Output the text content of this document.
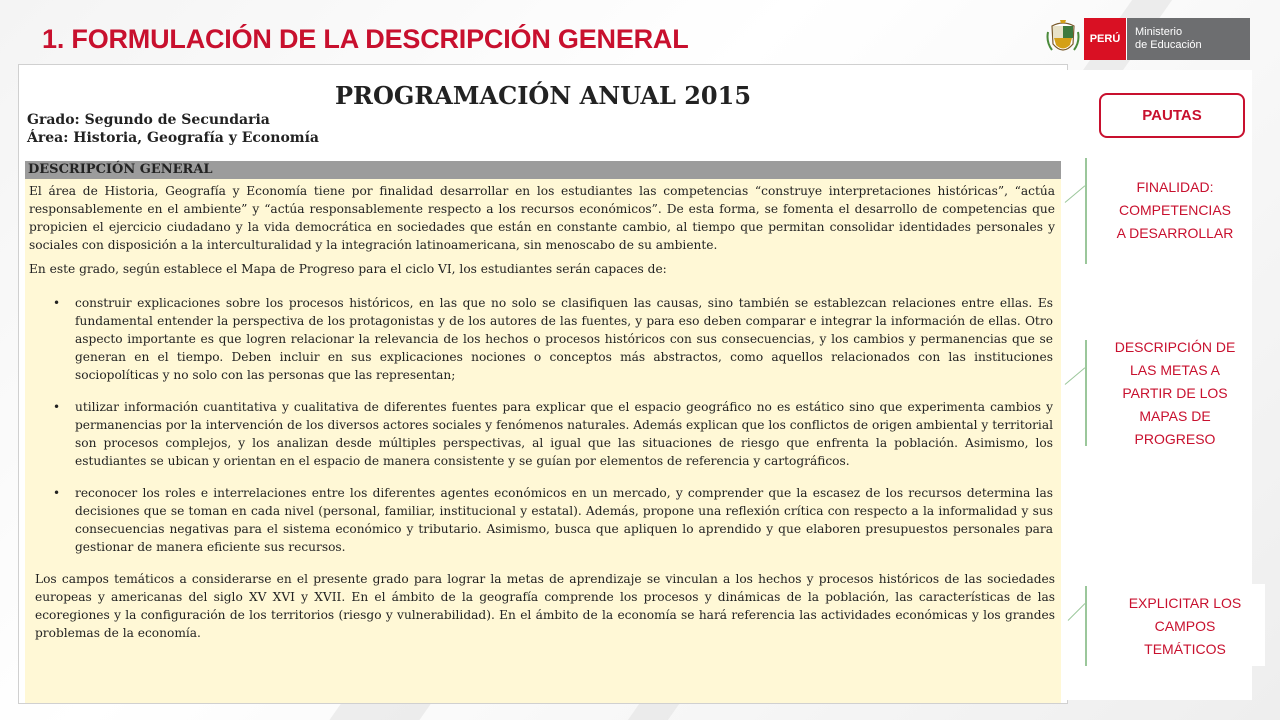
1. FORMULACIÓN DE LA DESCRIPCIÓN GENERAL	PERÚ
Ministerio
de Educación
PROGRAMACIÓN ANUAL 2015
Grado: Segundo de Secundaria
Área: Historia, Geografía y Economía
DESCRIPCIÓN GENERAL

El área de Historia, Geografía y Economía tiene por finalidad desarrollar en los estudiantes las competencias “construye interpretaciones históricas”, “actúa responsablemente en el ambiente” y “actúa responsablemente respecto a los recursos económicos”. De esta forma, se fomenta el desarrollo de competencias que propicien el ejercicio ciudadano y la vida democrática en sociedades que están en constante cambio, al tiempo que permitan consolidar identidades personales y sociales con disposición a la interculturalidad y la integración latinoamericana, sin menoscabo de su ambiente.

En este grado, según establece el Mapa de Progreso para el ciclo VI, los estudiantes serán capaces de:

• construir explicaciones sobre los procesos históricos, en las que no solo se clasifiquen las causas, sino también se establezcan relaciones entre ellas. Es fundamental entender la perspectiva de los protagonistas y de los autores de las fuentes, y para eso deben comparar e integrar la información de ellas. Otro aspecto importante es que logren relacionar la relevancia de los hechos o procesos históricos con sus consecuencias, y los cambios y permanencias que se generan en el tiempo. Deben incluir en sus explicaciones nociones o conceptos más abstractos, como aquellos relacionados con las instituciones sociopolíticas y no solo con las personas que las representan;
• utilizar información cuantitativa y cualitativa de diferentes fuentes para explicar que el espacio geográfico no es estático sino que experimenta cambios y permanencias por la intervención de los diversos actores sociales y fenómenos naturales. Además explican que los conflictos de origen ambiental y territorial son procesos complejos, y los analizan desde múltiples perspectivas, al igual que las situaciones de riesgo que enfrenta la población. Asimismo, los estudiantes se ubican y orientan en el espacio de manera consistente y se guían por elementos de referencia y cartográficos.
• reconocer los roles e interrelaciones entre los diferentes agentes económicos en un mercado, y comprender que la escasez de los recursos determina las decisiones que se toman en cada nivel (personal, familiar, institucional y estatal). Además, propone una reflexión crítica con respecto a la informalidad y sus consecuencias negativas para el sistema económico y tributario. Asimismo, busca que apliquen lo aprendido y que elaboren presupuestos personales para gestionar de manera eficiente sus recursos.

Los campos temáticos a considerarse en el presente grado para lograr la metas de aprendizaje se vinculan a los hechos y procesos históricos de las sociedades europeas y americanas del siglo XV XVI y XVII. En el ámbito de la geografía comprende los procesos y dinámicas de la población, las características de las ecoregiones y la configuración de los territorios (riesgo y vulnerabilidad). En el ámbito de la economía se hará referencia las actividades económicas y los grandes problemas de la economía.

PAUTAS
FINALIDAD:
COMPETENCIAS
A DESARROLLAR
DESCRIPCIÓN DE
LAS METAS A
PARTIR DE LOS
MAPAS DE
PROGRESO
EXPLICITAR LOS
CAMPOS
TEMÁTICOS
